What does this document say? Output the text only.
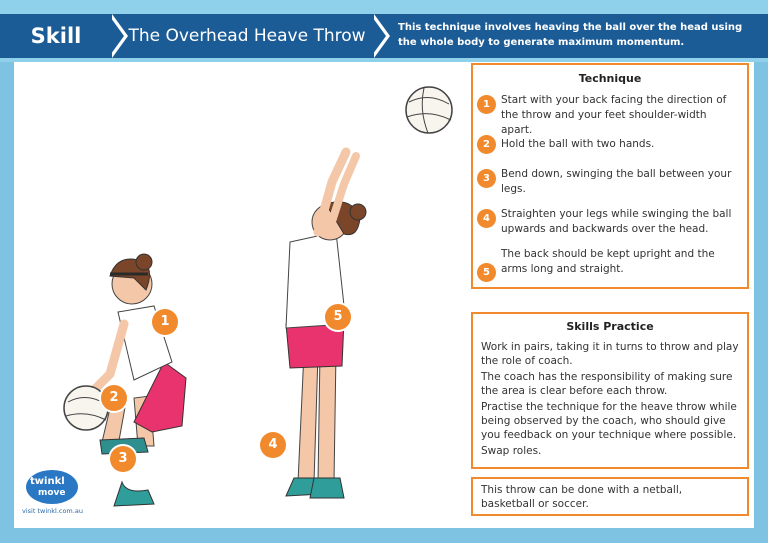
Skill	The Overhead Heave Throw	This technique involves heaving the ball over the head using the whole body to generate maximum momentum.
1
2
3
4
5
twinkl
move
visit twinkl.com.au
Technique
1	Start with your back facing the direction of the throw and your feet shoulder-width apart.
2	Hold the ball with two hands.
3	Bend down, swinging the ball between your legs.
4	Straighten your legs while swinging the ball upwards and backwards over the head.
5
The back should be kept upright and the arms long and straight.
Skills Practice

Work in pairs, taking it in turns to throw and play the role of coach.

The coach has the responsibility of making sure the area is clear before each throw.

Practise the technique for the heave throw while being observed by the coach, who should give you feedback on your technique where possible.

Swap roles.

This throw can be done with a netball, basketball or soccer.
